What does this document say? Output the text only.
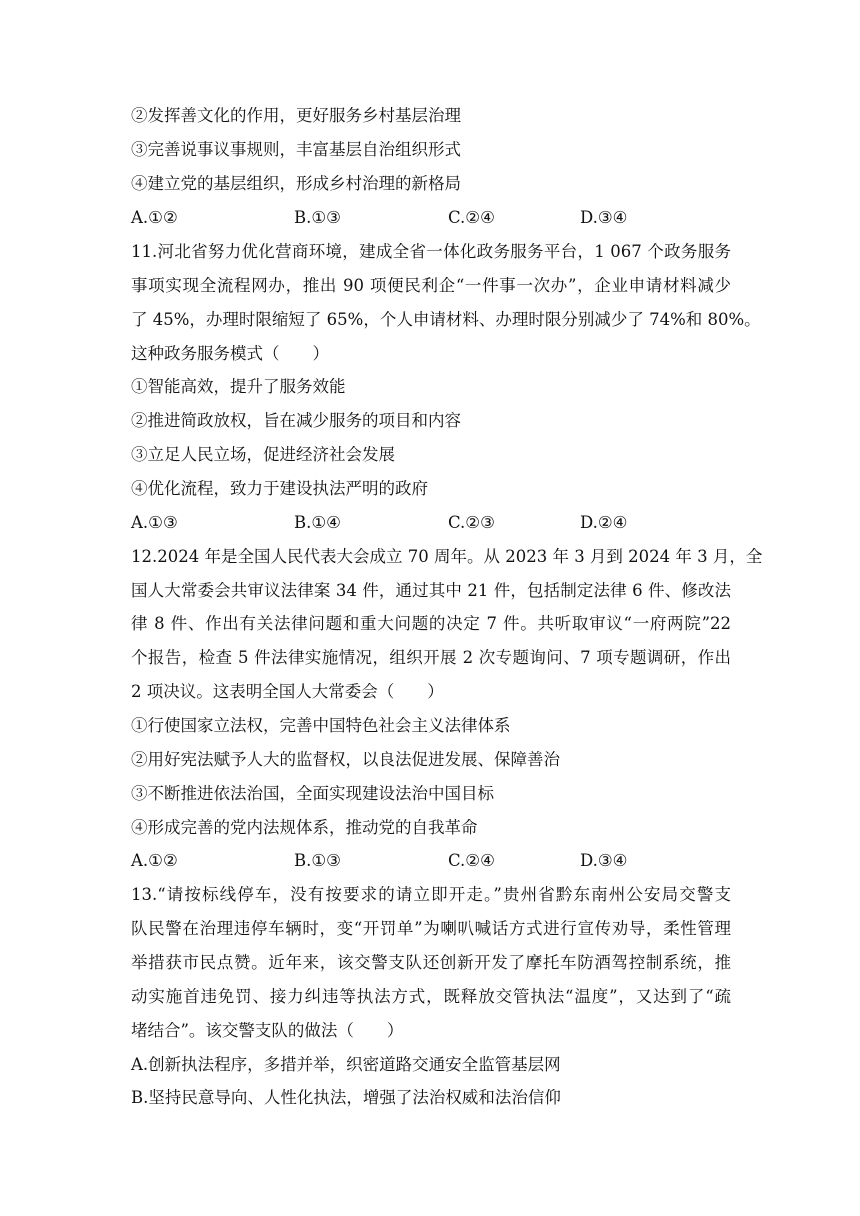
②发挥善文化的作用，更好服务乡村基层治理
③完善说事议事规则，丰富基层自治组织形式
④建立党的基层组织，形成乡村治理的新格局
A.①②	B.①③	C.②④	D.③④
11.河北省努力优化营商环境，建成全省一体化政务服务平台，1 067 个政务服务
事项实现全流程网办，推出 90 项便民利企“一件事一次办”，企业申请材料减少
了 45%，办理时限缩短了 65%，个人申请材料、办理时限分别减少了 74%和 80%。
这种政务服务模式（　　）
①智能高效，提升了服务效能
②推进简政放权，旨在减少服务的项目和内容
③立足人民立场，促进经济社会发展
④优化流程，致力于建设执法严明的政府
A.①③	B.①④	C.②③	D.②④
12.2024 年是全国人民代表大会成立 70 周年。从 2023 年 3 月到 2024 年 3 月，全
国人大常委会共审议法律案 34 件，通过其中 21 件，包括制定法律 6 件、修改法
律 8 件、作出有关法律问题和重大问题的决定 7 件。共听取审议“一府两院”22
个报告，检查 5 件法律实施情况，组织开展 2 次专题询问、7 项专题调研，作出
2 项决议。这表明全国人大常委会（　　）
①行使国家立法权，完善中国特色社会主义法律体系
②用好宪法赋予人大的监督权，以良法促进发展、保障善治
③不断推进依法治国，全面实现建设法治中国目标
④形成完善的党内法规体系，推动党的自我革命
A.①②	B.①③	C.②④	D.③④
13.“请按标线停车，没有按要求的请立即开走。”贵州省黔东南州公安局交警支
队民警在治理违停车辆时，变“开罚单”为喇叭喊话方式进行宣传劝导，柔性管理
举措获市民点赞。近年来，该交警支队还创新开发了摩托车防酒驾控制系统，推
动实施首违免罚、接力纠违等执法方式，既释放交管执法“温度”，又达到了“疏
堵结合”。该交警支队的做法（　　）
A.创新执法程序，多措并举，织密道路交通安全监管基层网
B.坚持民意导向、人性化执法，增强了法治权威和法治信仰
